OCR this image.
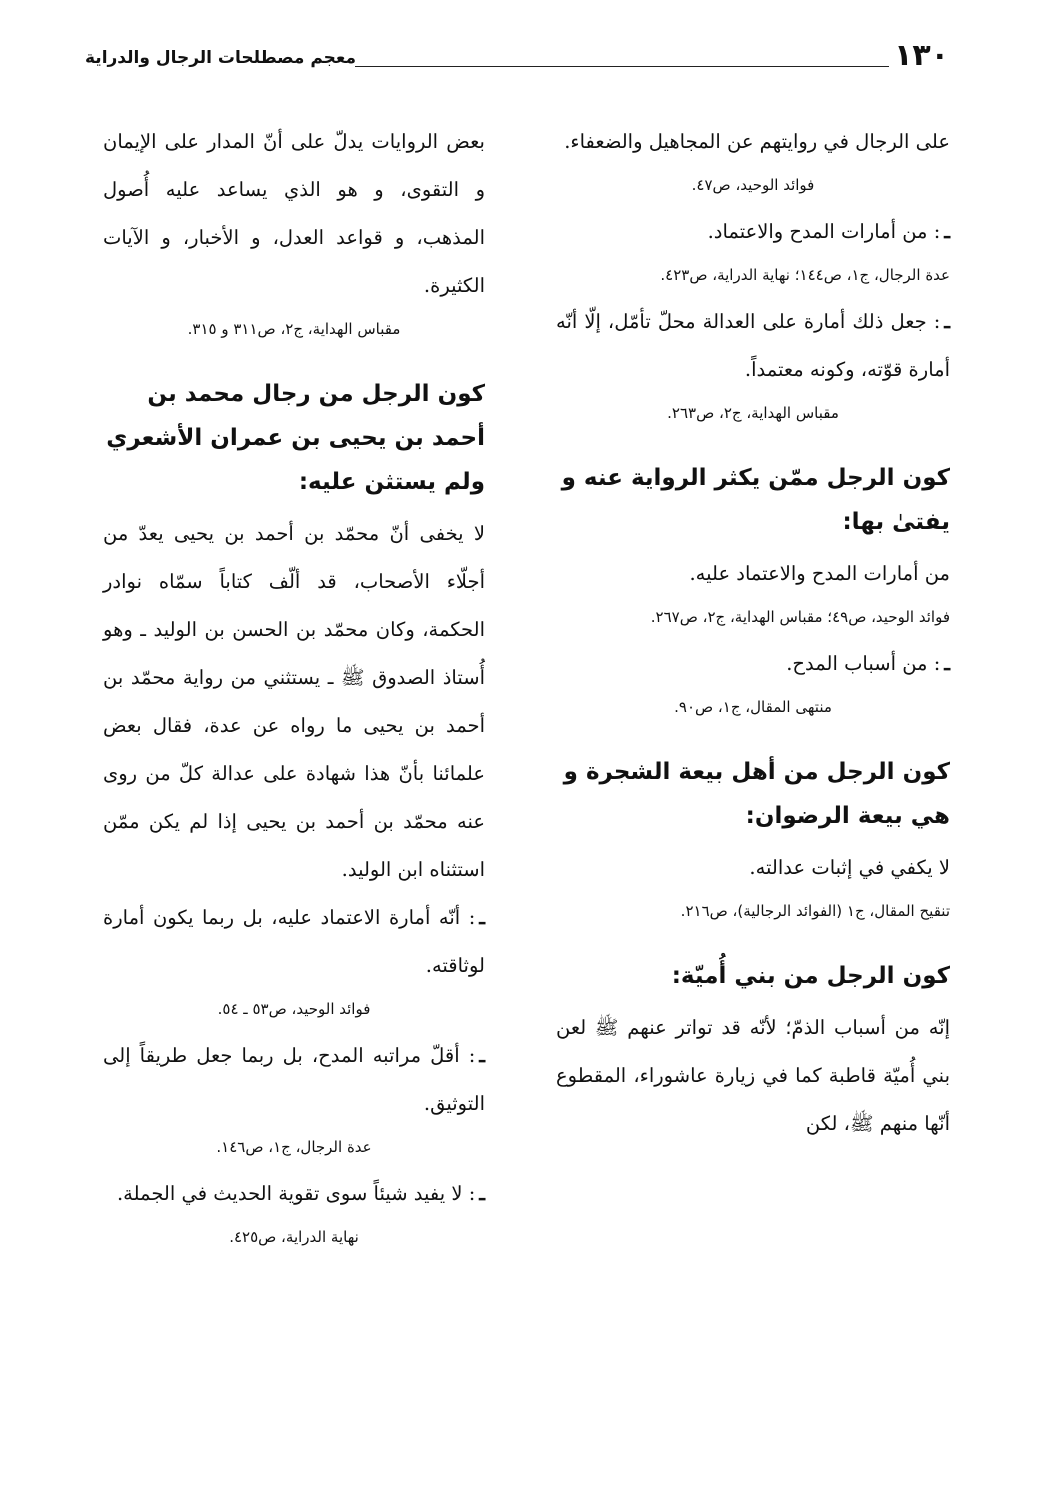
١٣٠
معجم مصطلحات الرجال والدراية

على الرجال في روايتهم عن المجاهيل والضعفاء.

فوائد الوحيد، ص٤٧.

ـ: من أمارات المدح والاعتماد.

عدة الرجال، ج١، ص١٤٤؛ نهاية الدراية، ص٤٢٣.

ـ: جعل ذلك أمارة على العدالة محلّ تأمّل، إلّا أنّه أمارة قوّته، وكونه معتمداً.

مقباس الهداية، ج٢، ص٢٦٣.

كون الرجل ممّن يكثر الرواية عنه و يفتىٰ بها:

من أمارات المدح والاعتماد عليه.

فوائد الوحيد، ص٤٩؛ مقباس الهداية، ج٢، ص٢٦٧.

ـ: من أسباب المدح.

منتهى المقال، ج١، ص٩٠.

كون الرجل من أهل بيعة الشجرة و هي بيعة الرضوان:

لا يكفي في إثبات عدالته.

تنقيح المقال، ج١ (الفوائد الرجالية)، ص٢١٦.

كون الرجل من بني أُميّة:

إنّه من أسباب الذمّ؛ لأنّه قد تواتر عنهم ﷺ لعن بني أُميّة قاطبة كما في زيارة عاشوراء، المقطوع أنّها منهم ﷺ، لكن

بعض الروايات يدلّ على أنّ المدار على الإيمان و التقوى، و هو الذي يساعد عليه أُصول المذهب، و قواعد العدل، و الأخبار، و الآيات الكثيرة.

مقباس الهداية، ج٢، ص٣١١ و ٣١٥.

كون الرجل من رجال محمد بن أحمد بن يحيى بن عمران الأشعري ولم يستثن عليه:

لا يخفى أنّ محمّد بن أحمد بن يحيى يعدّ من أجلّاء الأصحاب، قد ألّف كتاباً سمّاه نوادر الحكمة، وكان محمّد بن الحسن بن الوليد ـ وهو أُستاذ الصدوق ﷺ ـ يستثني من رواية محمّد بن أحمد بن يحيى ما رواه عن عدة، فقال بعض علمائنا بأنّ هذا شهادة على عدالة كلّ من روى عنه محمّد بن أحمد بن يحيى إذا لم يكن ممّن استثناه ابن الوليد.

ـ: أنّه أمارة الاعتماد عليه، بل ربما يكون أمارة لوثاقته.

فوائد الوحيد، ص٥٣ ـ ٥٤.

ـ: أقلّ مراتبه المدح، بل ربما جعل طريقاً إلى التوثيق.

عدة الرجال، ج١، ص١٤٦.

ـ: لا يفيد شيئاً سوى تقوية الحديث في الجملة.

نهاية الدراية، ص٤٢٥.
